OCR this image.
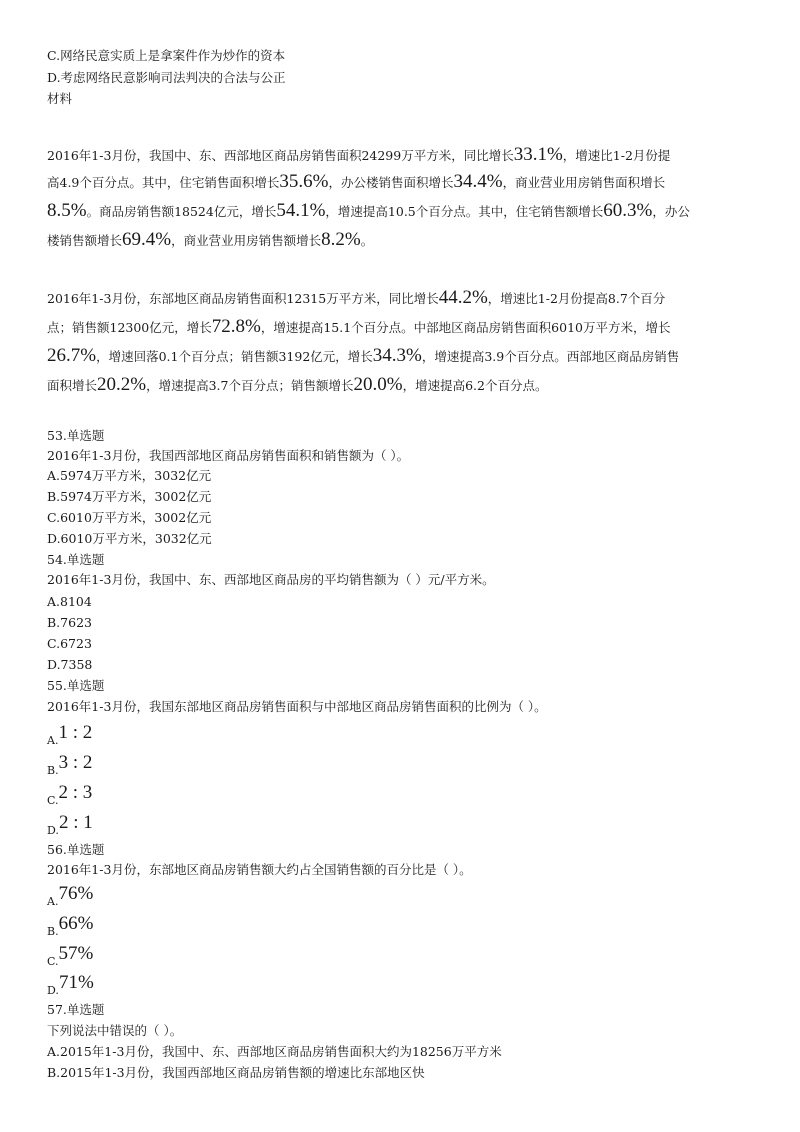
C.网络民意实质上是拿案件作为炒作的资本
D.考虑网络民意影响司法判决的合法与公正
材料
2016年1-3月份，我国中、东、西部地区商品房销售面积24299万平方米，同比增长33.1%，增速比1-2月份提
高4.9个百分点。其中，住宅销售面积增长35.6%，办公楼销售面积增长34.4%，商业营业用房销售面积增长
8.5%。商品房销售额18524亿元，增长54.1%，增速提高10.5个百分点。其中，住宅销售额增长60.3%，办公
楼销售额增长69.4%，商业营业用房销售额增长8.2%。
2016年1-3月份，东部地区商品房销售面积12315万平方米，同比增长44.2%，增速比1-2月份提高8.7个百分
点；销售额12300亿元，增长72.8%，增速提高15.1个百分点。中部地区商品房销售面积6010万平方米，增长
26.7%，增速回落0.1个百分点；销售额3192亿元，增长34.3%，增速提高3.9个百分点。西部地区商品房销售
面积增长20.2%，增速提高3.7个百分点；销售额增长20.0%，增速提高6.2个百分点。
53.单选题
2016年1-3月份，我国西部地区商品房销售面积和销售额为（ ）。
A.5974万平方米，3032亿元
B.5974万平方米，3002亿元
C.6010万平方米，3002亿元
D.6010万平方米，3032亿元
54.单选题
2016年1-3月份，我国中、东、西部地区商品房的平均销售额为（ ）元/平方米。
A.8104
B.7623
C.6723
D.7358
55.单选题
2016年1-3月份，我国东部地区商品房销售面积与中部地区商品房销售面积的比例为（ ）。
A.1 : 2
B.3 : 2
C.2 : 3
D.2 : 1
56.单选题
2016年1-3月份，东部地区商品房销售额大约占全国销售额的百分比是（ ）。
A.76%
B.66%
C.57%
D.71%
57.单选题
下列说法中错误的（ ）。
A.2015年1-3月份，我国中、东、西部地区商品房销售面积大约为18256万平方米
B.2015年1-3月份，我国西部地区商品房销售额的增速比东部地区快
